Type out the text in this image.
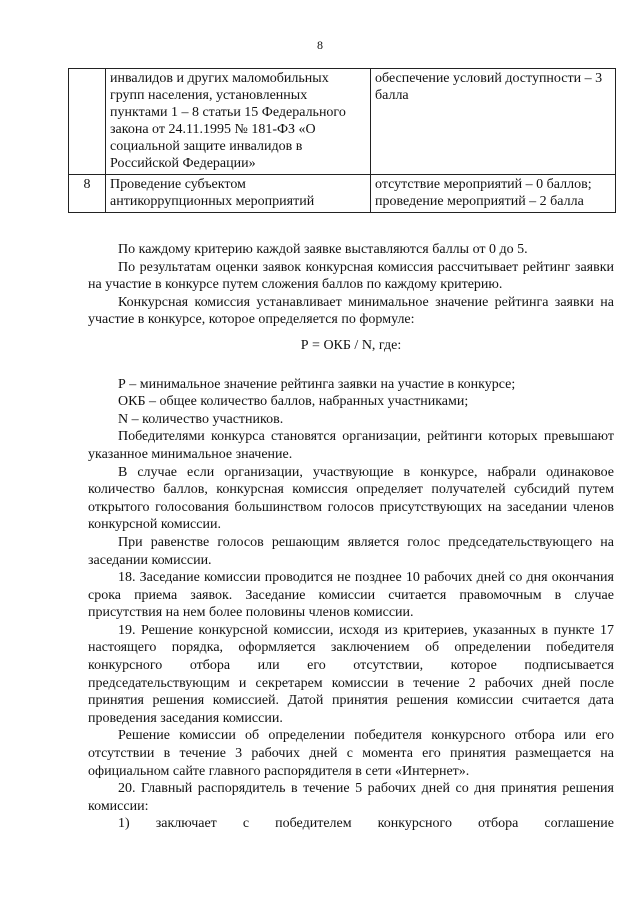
8
	инвалидов и других маломобильных групп населения, установленных пунктами 1 – 8 статьи 15 Федерального закона от 24.11.1995 № 181-ФЗ «О социальной защите инвалидов в Российской Федерации»	обеспечение условий доступности – 3 балла
8	Проведение субъектом антикоррупционных мероприятий	отсутствие мероприятий – 0 баллов; проведение мероприятий – 2 балла

По каждому критерию каждой заявке выставляются баллы от 0 до 5.

По результатам оценки заявок конкурсная комиссия рассчитывает рейтинг заявки на участие в конкурсе путем сложения баллов по каждому критерию.

Конкурсная комиссия устанавливает минимальное значение рейтинга заявки на участие в конкурсе, которое определяется по формуле:

Р = ОКБ / N, где:

Р – минимальное значение рейтинга заявки на участие в конкурсе;

ОКБ – общее количество баллов, набранных участниками;

N – количество участников.

Победителями конкурса становятся организации, рейтинги которых превышают указанное минимальное значение.

В случае если организации, участвующие в конкурсе, набрали одинаковое количество баллов, конкурсная комиссия определяет получателей субсидий путем открытого голосования большинством голосов присутствующих на заседании членов конкурсной комиссии.

При равенстве голосов решающим является голос председательствующего на заседании комиссии.

18. Заседание комиссии проводится не позднее 10 рабочих дней со дня окончания срока приема заявок. Заседание комиссии считается правомочным в случае присутствия на нем более половины членов комиссии.

19. Решение конкурсной комиссии, исходя из критериев, указанных в пункте 17 настоящего порядка, оформляется заключением об определении победителя конкурсного отбора или его отсутствии, которое подписывается председательствующим и секретарем комиссии в течение 2 рабочих дней после принятия решения комиссией. Датой принятия решения комиссии считается дата проведения заседания комиссии.

Решение комиссии об определении победителя конкурсного отбора или его отсутствии в течение 3 рабочих дней с момента его принятия размещается на официальном сайте главного распорядителя в сети «Интернет».

20. Главный распорядитель в течение 5 рабочих дней со дня принятия решения комиссии:

1) заключает с победителем конкурсного отбора соглашение
